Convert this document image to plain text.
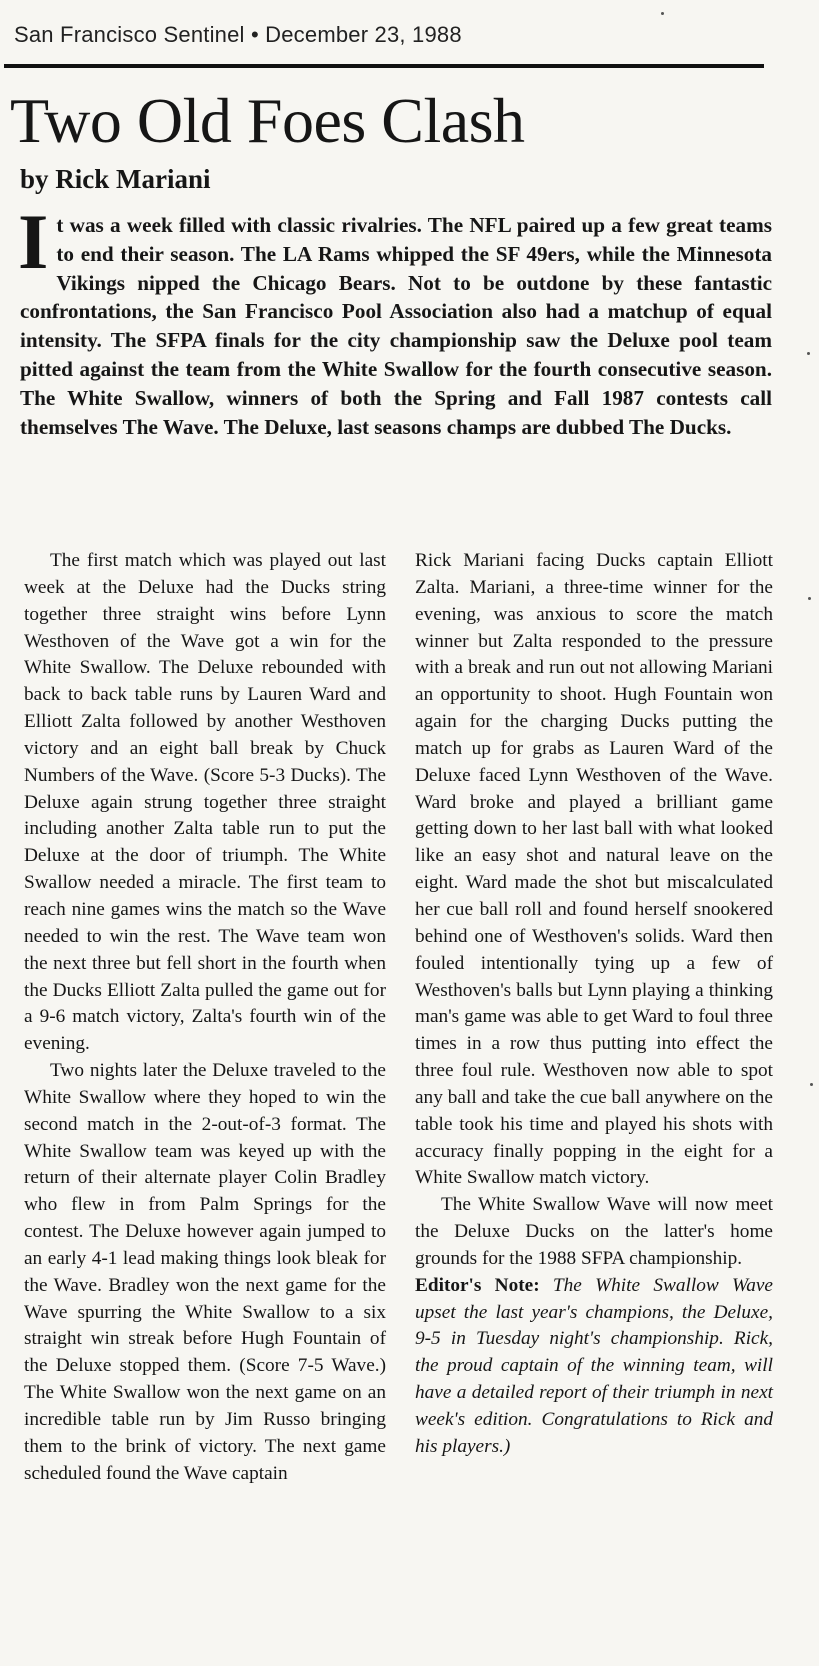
San Francisco Sentinel • December 23, 1988
Two Old Foes Clash
by Rick Mariani

It was a week filled with classic rivalries. The NFL paired up a few great teams to end their season. The LA Rams whipped the SF 49ers, while the Minnesota Vikings nipped the Chicago Bears. Not to be outdone by these fantastic confrontations, the San Francisco Pool Association also had a matchup of equal intensity. The SFPA finals for the city championship saw the Deluxe pool team pitted against the team from the White Swallow for the fourth consecutive season. The White Swallow, winners of both the Spring and Fall 1987 contests call themselves The Wave. The Deluxe, last seasons champs are dubbed The Ducks.

The first match which was played out last week at the Deluxe had the Ducks string together three straight wins before Lynn Westhoven of the Wave got a win for the White Swallow. The Deluxe rebounded with back to back table runs by Lauren Ward and Elliott Zalta followed by another Westhoven victory and an eight ball break by Chuck Numbers of the Wave. (Score 5-3 Ducks). The Deluxe again strung together three straight including another Zalta table run to put the Deluxe at the door of triumph. The White Swallow needed a miracle. The first team to reach nine games wins the match so the Wave needed to win the rest. The Wave team won the next three but fell short in the fourth when the Ducks Elliott Zalta pulled the game out for a 9-6 match victory, Zalta's fourth win of the evening.

Two nights later the Deluxe traveled to the White Swallow where they hoped to win the second match in the 2-out-of-3 format. The White Swallow team was keyed up with the return of their alternate player Colin Bradley who flew in from Palm Springs for the contest. The Deluxe however again jumped to an early 4-1 lead making things look bleak for the Wave. Bradley won the next game for the Wave spurring the White Swallow to a six straight win streak before Hugh Fountain of the Deluxe stopped them. (Score 7-5 Wave.) The White Swallow won the next game on an incredible table run by Jim Russo bringing them to the brink of victory. The next game scheduled found the Wave captain

Rick Mariani facing Ducks captain Elliott Zalta. Mariani, a three-time winner for the evening, was anxious to score the match winner but Zalta responded to the pressure with a break and run out not allowing Mariani an opportunity to shoot. Hugh Fountain won again for the charging Ducks putting the match up for grabs as Lauren Ward of the Deluxe faced Lynn Westhoven of the Wave. Ward broke and played a brilliant game getting down to her last ball with what looked like an easy shot and natural leave on the eight. Ward made the shot but miscalculated her cue ball roll and found herself snookered behind one of Westhoven's solids. Ward then fouled intentionally tying up a few of Westhoven's balls but Lynn playing a thinking man's game was able to get Ward to foul three times in a row thus putting into effect the three foul rule. Westhoven now able to spot any ball and take the cue ball anywhere on the table took his time and played his shots with accuracy finally popping in the eight for a White Swallow match victory.

The White Swallow Wave will now meet the Deluxe Ducks on the latter's home grounds for the 1988 SFPA championship.

Editor's Note: The White Swallow Wave upset the last year's champions, the Deluxe, 9-5 in Tuesday night's championship. Rick, the proud captain of the winning team, will have a detailed report of their triumph in next week's edition. Congratulations to Rick and his players.)
